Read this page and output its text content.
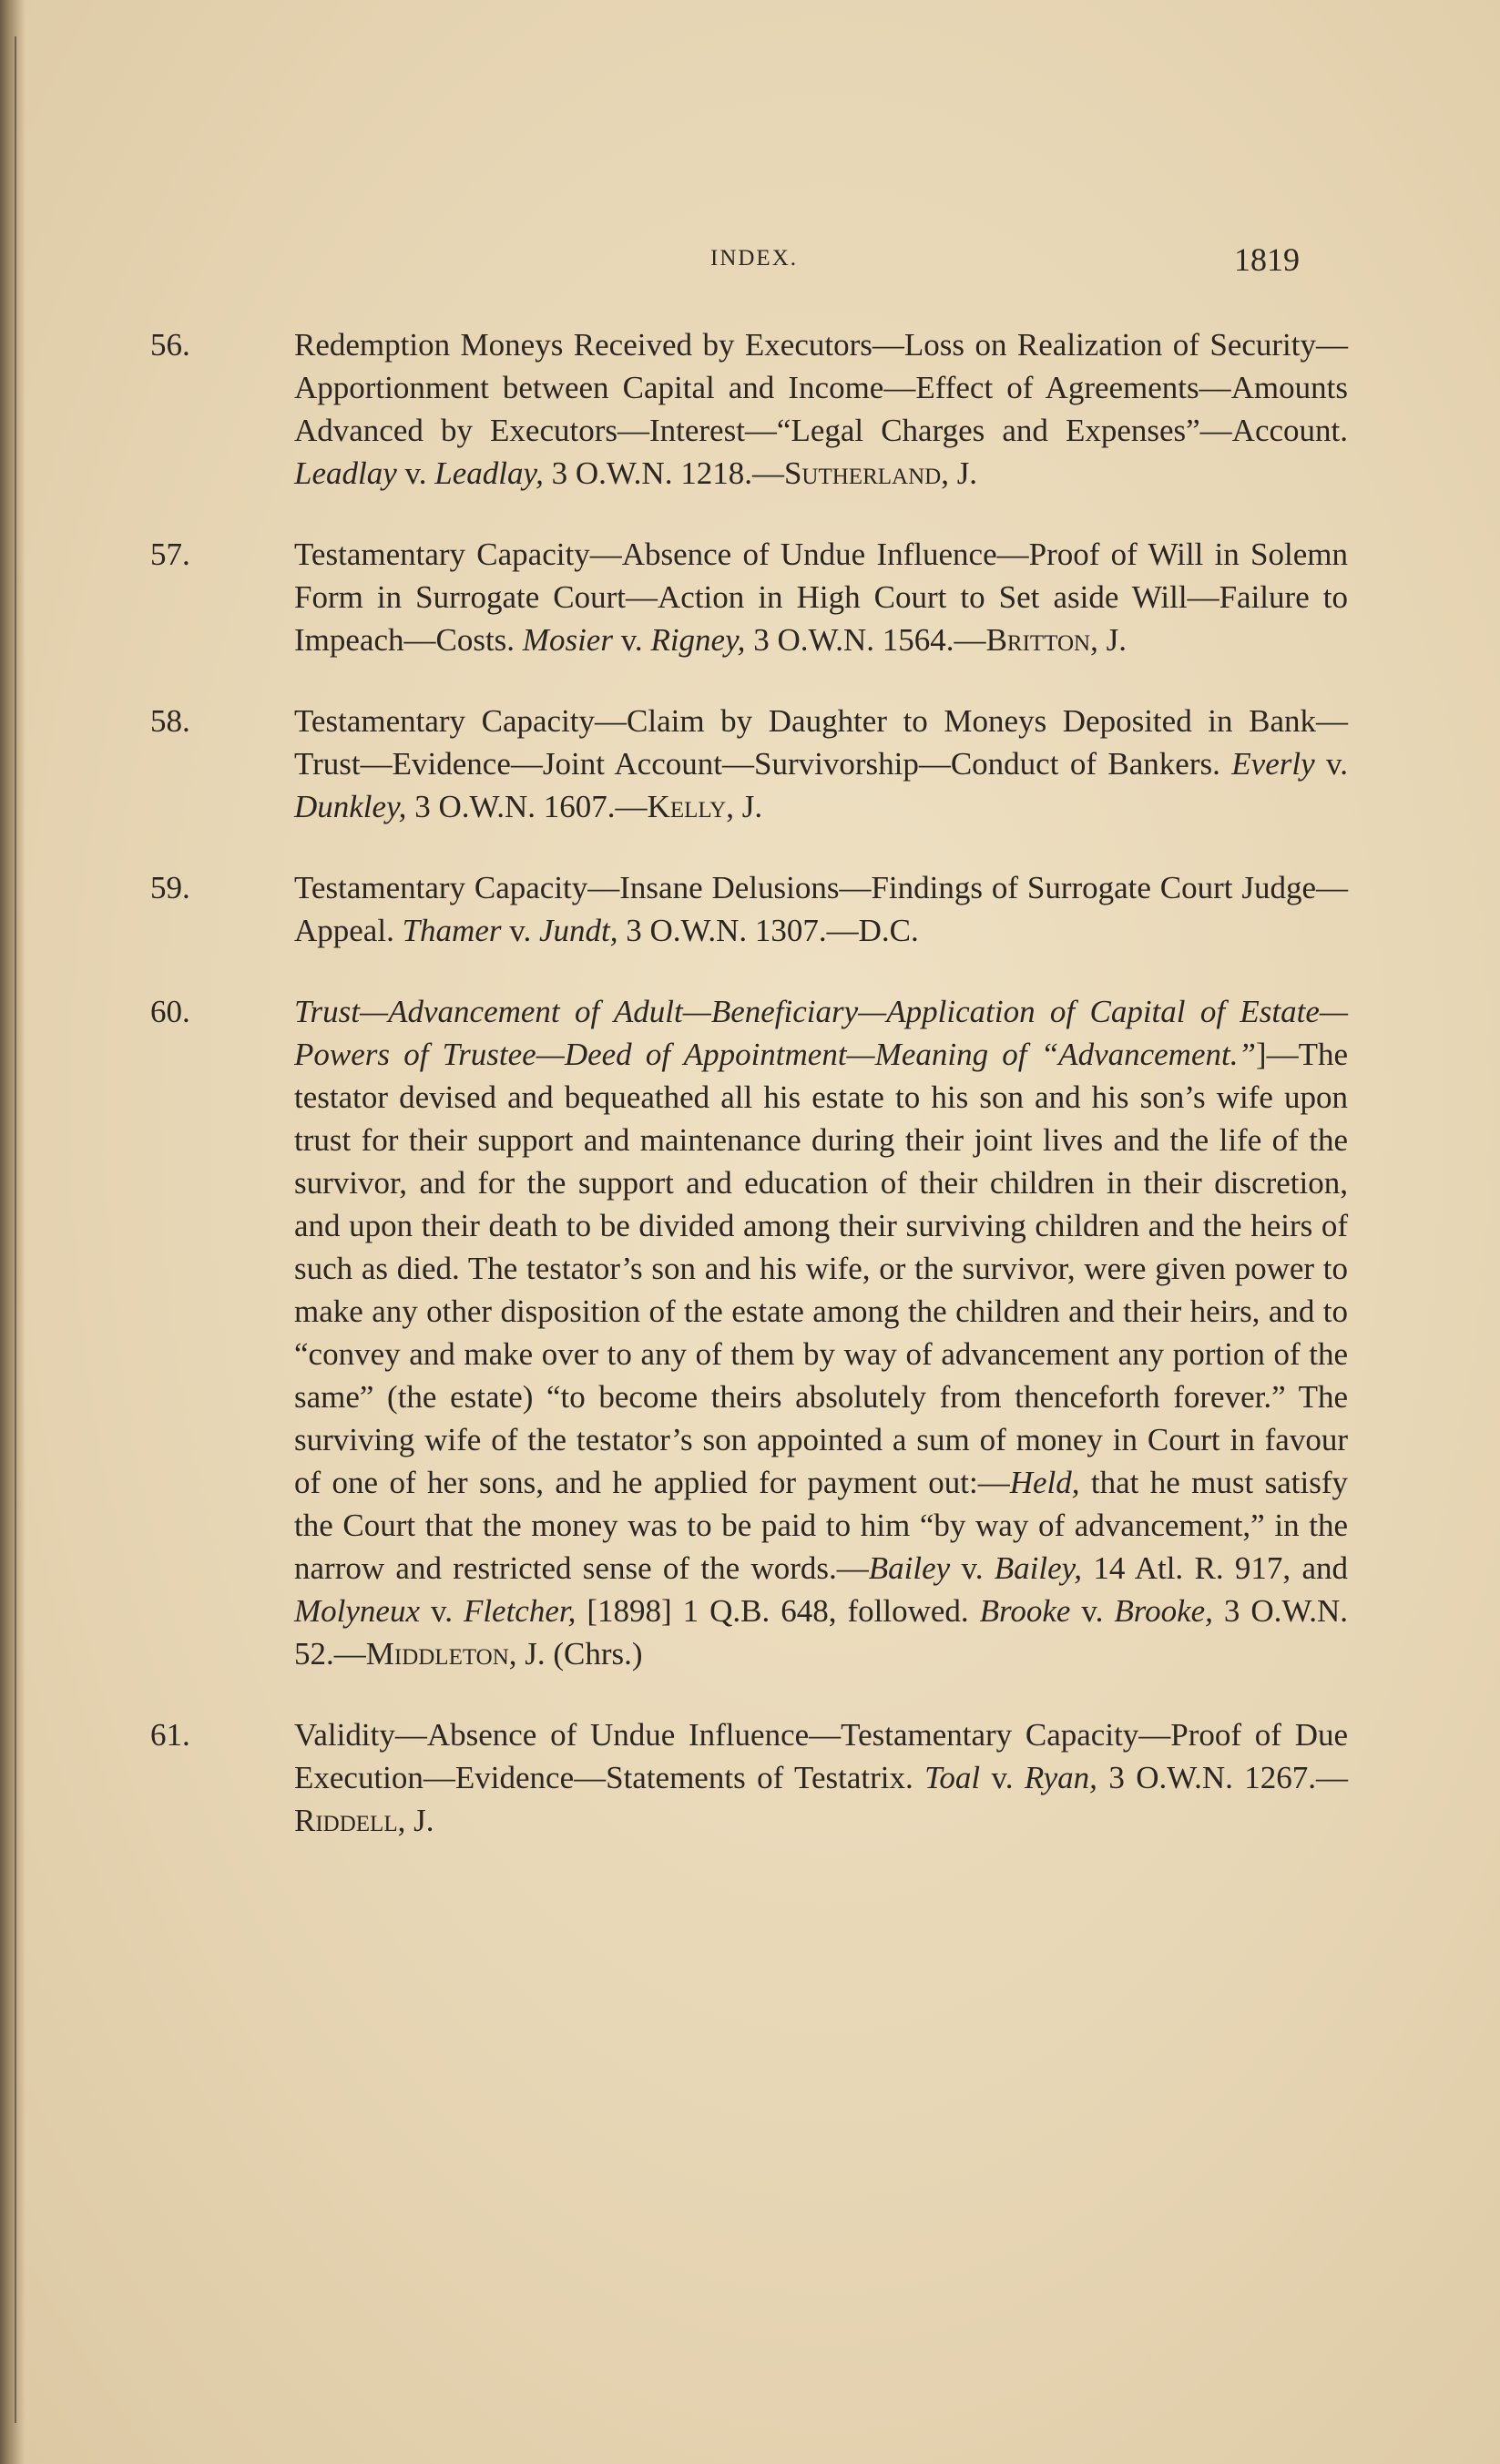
INDEX.	1819
56.	Redemption Moneys Received by Executors—Loss on Realization of Security—Apportionment between Capital and Income—Effect of Agreements—Amounts Advanced by Executors—Interest—“Legal Charges and Expenses”—Account. Leadlay v. Leadlay, 3 O.W.N. 1218.—Sutherland, J.
57.	Testamentary Capacity—Absence of Undue Influence—Proof of Will in Solemn Form in Surrogate Court—Action in High Court to Set aside Will—Failure to Impeach—Costs. Mosier v. Rigney, 3 O.W.N. 1564.—Britton, J.
58.	Testamentary Capacity—Claim by Daughter to Moneys Deposited in Bank—Trust—Evidence—Joint Account—Survivorship—Conduct of Bankers. Everly v. Dunkley, 3 O.W.N. 1607.—Kelly, J.
59.	Testamentary Capacity—Insane Delusions—Findings of Surrogate Court Judge—Appeal. Thamer v. Jundt, 3 O.W.N. 1307.—D.C.
60.	Trust—Advancement of Adult—Beneficiary—Application of Capital of Estate—Powers of Trustee—Deed of Appointment—Meaning of “Advancement.”]—The testator devised and bequeathed all his estate to his son and his son’s wife upon trust for their support and maintenance during their joint lives and the life of the survivor, and for the support and education of their children in their discretion, and upon their death to be divided among their surviving children and the heirs of such as died. The testator’s son and his wife, or the survivor, were given power to make any other disposition of the estate among the children and their heirs, and to “convey and make over to any of them by way of advancement any portion of the same” (the estate) “to become theirs absolutely from thenceforth forever.” The surviving wife of the testator’s son appointed a sum of money in Court in favour of one of her sons, and he applied for payment out:—Held, that he must satisfy the Court that the money was to be paid to him “by way of advancement,” in the narrow and restricted sense of the words.—Bailey v. Bailey, 14 Atl. R. 917, and Molyneux v. Fletcher, [1898] 1 Q.B. 648, followed. Brooke v. Brooke, 3 O.W.N. 52.—Middleton, J. (Chrs.)
61.	Validity—Absence of Undue Influence—Testamentary Capacity—Proof of Due Execution—Evidence—Statements of Testatrix. Toal v. Ryan, 3 O.W.N. 1267.—Riddell, J.
